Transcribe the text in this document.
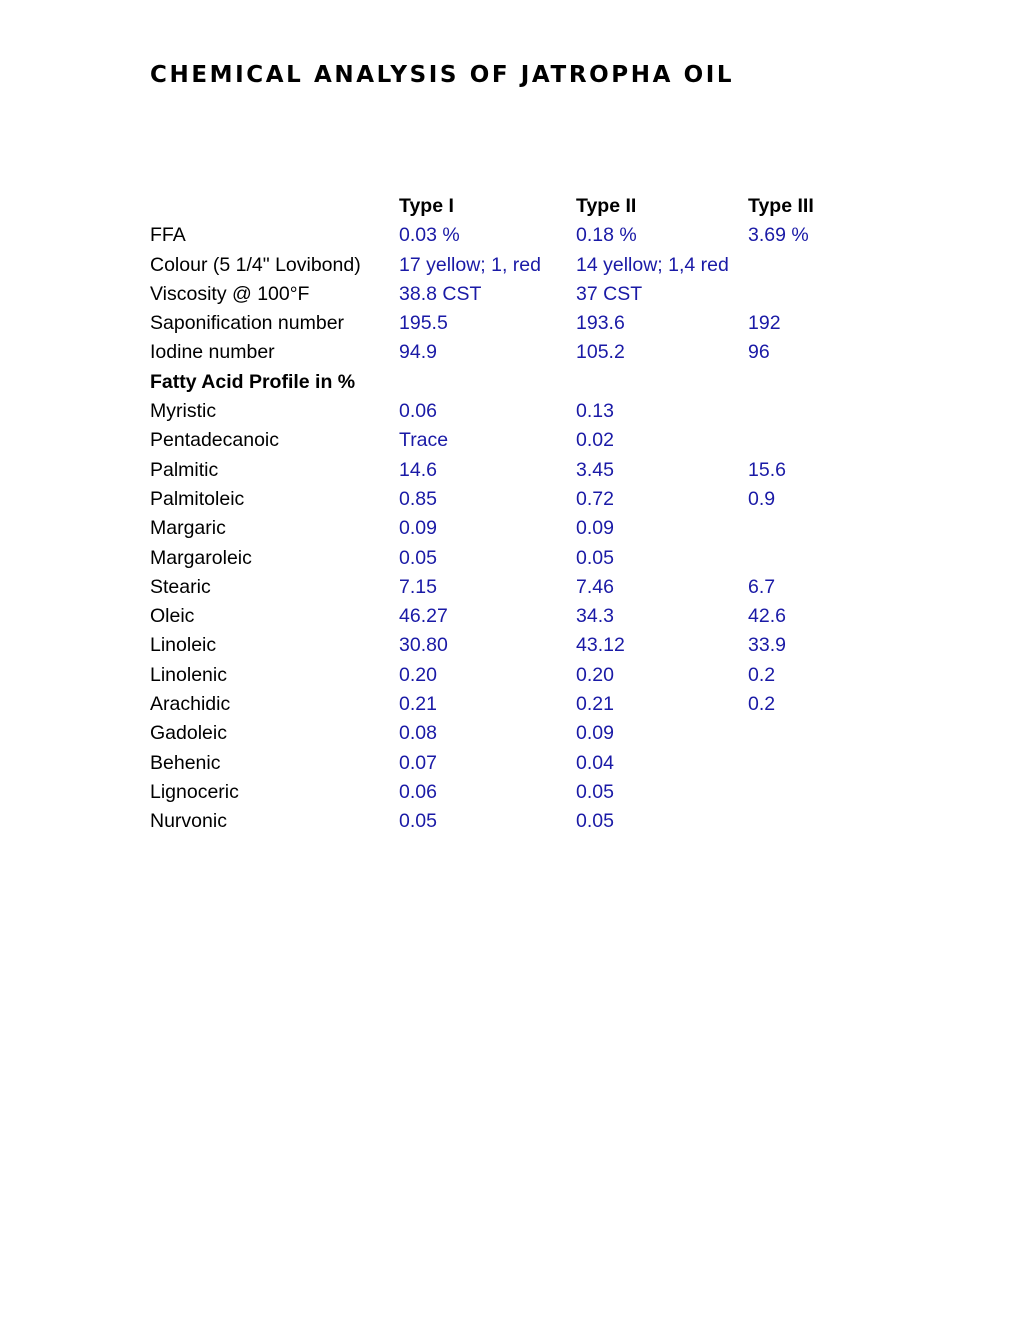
CHEMICAL ANALYSIS OF JATROPHA OIL
	Type I	Type II	Type III
FFA	0.03 %	0.18 %	3.69 %
Colour (5 1/4" Lovibond)	17 yellow; 1, red	14 yellow; 1,4 red	
Viscosity @ 100°F	38.8 CST	37 CST	
Saponification number	195.5	193.6	192
Iodine number	94.9	105.2	96
Fatty Acid Profile in %			
Myristic	0.06	0.13	
Pentadecanoic	Trace	0.02	
Palmitic	14.6	3.45	15.6
Palmitoleic	0.85	0.72	0.9
Margaric	0.09	0.09	
Margaroleic	0.05	0.05	
Stearic	7.15	7.46	6.7
Oleic	46.27	34.3	42.6
Linoleic	30.80	43.12	33.9
Linolenic	0.20	0.20	0.2
Arachidic	0.21	0.21	0.2
Gadoleic	0.08	0.09	
Behenic	0.07	0.04	
Lignoceric	0.06	0.05	
Nurvonic	0.05	0.05	
